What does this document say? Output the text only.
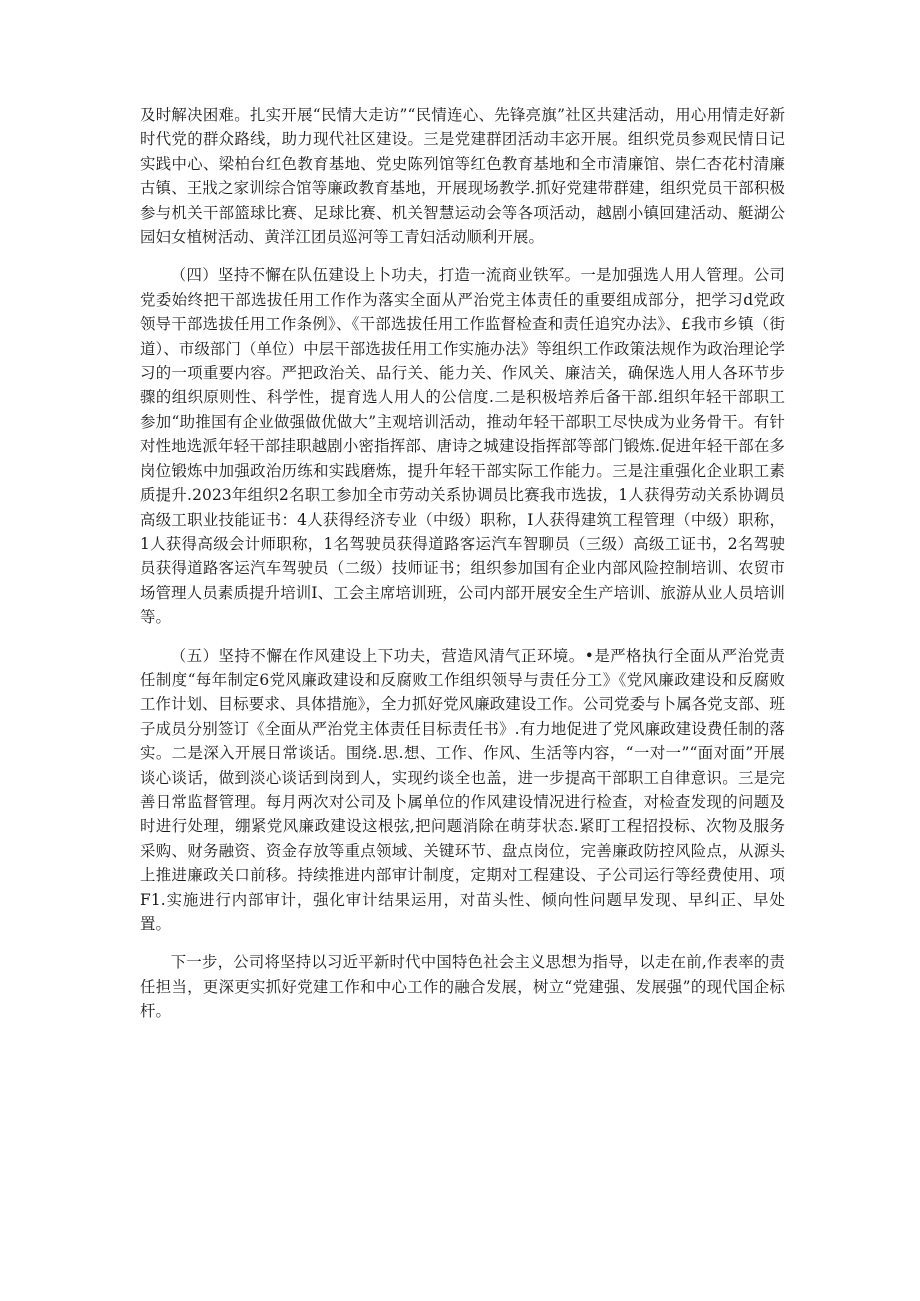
及时解决困难。扎实开展“民情大走访”“民情连心、先锋亮旗”社区共建活动，用心用情走好新时代党的群众路线，助力现代社区建设。三是党建群团活动丰宓开展。组织党员参观民情日记实践中心、梁柏台红色教育基地、党史陈列馆等红色教育基地和全市清廉馆、崇仁杏花村清廉古镇、王戕之家训综合馆等廉政教育基地，开展现场教学.抓好党建带群建，组织党员干部积极参与机关干部篮球比赛、足球比赛、机关智慧运动会等各项活动，越剧小镇回建活动、艇湖公园妇女植树活动、黄洋江团员巡河等工青妇活动顺利开展。

（四）坚持不懈在队伍建设上卜功夫，打造一流商业铁军。一是加强选人用人管理。公司党委始终把干部选拔任用工作作为落实全面从严治党主体责任的重要组成部分，把学习d党政领导干部选拔任用工作条例》、《干部选拔任用工作监督检查和责任追究办法》、£我市乡镇（街道）、市级部门（单位）中层干部选拔任用工作实施办法》等组织工作政策法规作为政治理论学习的一项重要内容。严把政治关、品行关、能力关、作风关、廉洁关，确保选人用人各环节步骤的组织原则性、科学性，提育选人用人的公信度.二是积极培养后备干部.组织年轻干部职工参加“助推国有企业做强做优做大”主观培训活动，推动年轻干部职工尽快成为业务骨干。有针对性地选派年轻干部挂职越剧小密指挥部、唐诗之城建设指挥部等部门锻炼.促进年轻干部在多岗位锻炼中加强政治历练和实践磨炼，提升年轻干部实际工作能力。三是注重强化企业职工素质提升.2023年组织2名职工参加全市劳动关系协调员比赛我市选拔，1人获得劳动关系协调员高级工职业技能证书：4人获得经济专业（中级）职称，I人获得建筑工程管理（中级）职称，1人获得高级会计师职称，1名驾驶员获得道路客运汽车智聊员（三级）高级工证书，2名驾驶员获得道路客运汽车驾驶员（二级）技师证书；组织参加国有企业内部风险控制培训、农贸市场管理人员素质提升培训I、工会主席培训班，公司内部开展安全生产培训、旅游从业人员培训等。

（五）坚持不懈在作风建设上下功夫，营造风清气正环境。•是严格执行全面从严治党责任制度“每年制定6党风廉政建设和反腐败工作组织领导与责任分工》《党风廉政建设和反腐败工作计划、目标要求、具体措施》，全力抓好党风廉政建设工作。公司党委与卜属各党支部、班子成员分别签订《全面从严治党主体责任目标责任书》.有力地促进了党风廉政建设费任制的落实。二是深入开展日常谈话。围绕.思.想、工作、作风、生活等内容，“一对一”“面对面”开展谈心谈话，做到淡心谈话到岗到人，实现约谈全也盖，进一步提高干部职工自律意识。三是完善日常监督管理。每月两次对公司及卜属单位的作风建设情况进行检查，对检查发现的问题及时进行处理，绷紧党风廉政建设这根弦,把问题消除在萌芽状态.紧盯工程招投标、次物及服务采购、财务融资、资金存放等重点领域、关键环节、盘点岗位，完善廉政防控风险点，从源头上推进廉政关口前移。持续推进内部审计制度，定期对工程建设、子公司运行等经费使用、项F1.实施进行内部审计，强化审计结果运用，对苗头性、倾向性问题早发现、早纠正、早处置。

下一步，公司将坚持以习近平新时代中国特色社会主义思想为指导，以走在前,作表率的责任担当，更深更实抓好党建工作和中心工作的融合发展，树立“党建强、发展强”的现代国企标杆。
